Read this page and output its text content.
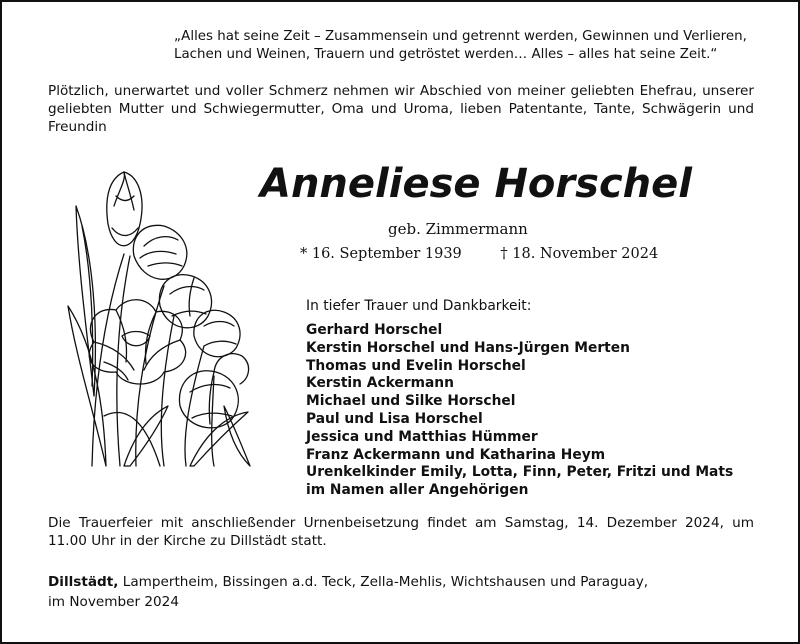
„Alles hat seine Zeit – Zusammensein und getrennt werden, Gewinnen und Verlieren,
Lachen und Weinen, Trauern und getröstet werden… Alles – alles hat seine Zeit.“
Plötzlich, unerwartet und voller Schmerz nehmen wir Abschied von meiner geliebten Ehefrau, unserer geliebten Mutter und Schwiegermutter, Oma und Uroma, lieben Patentante, Tante, Schwägerin und Freundin
Anneliese Horschel
geb. Zimmermann
* 16. September 1939	† 18. November 2024
In tiefer Trauer und Dankbarkeit:
Gerhard Horschel
Kerstin Horschel und Hans-Jürgen Merten
Thomas und Evelin Horschel
Kerstin Ackermann
Michael und Silke Horschel
Paul und Lisa Horschel
Jessica und Matthias Hümmer
Franz Ackermann und Katharina Heym
Urenkelkinder Emily, Lotta, Finn, Peter, Fritzi und Mats
im Namen aller Angehörigen
Die Trauerfeier mit anschließender Urnenbeisetzung findet am Samstag, 14. Dezember 2024, um 11.00 Uhr in der Kirche zu Dillstädt statt.
Dillstädt, Lampertheim, Bissingen a.d. Teck, Zella-Mehlis, Wichtshausen und Paraguay,
im November 2024
